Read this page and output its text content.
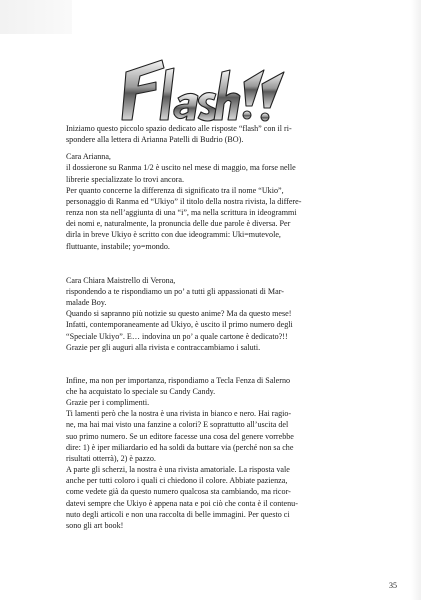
Iniziamo questo piccolo spazio dedicato alle risposte “flash” con il ri-

spondere alla lettera di Arianna Patelli di Budrio (BO).

Cara Arianna,

il dossierone su Ranma 1/2 è uscito nel mese di maggio, ma forse nelle

librerie specializzate lo trovi ancora.

Per quanto concerne la differenza di significato tra il nome “Ukio”,

personaggio di Ranma ed “Ukiyo” il titolo della nostra rivista, la differe-

renza non sta nell’aggiunta di una “i”, ma nella scrittura in ideogrammi

dei nomi e, naturalmente, la pronuncia delle due parole è diversa. Per

dirla in breve Ukiyo è scritto con due ideogrammi: Uki=mutevole,

fluttuante, instabile; yo=mondo.

Cara Chiara Maistrello di Verona,

rispondendo a te rispondiamo un po’ a tutti gli appassionati di Mar-

malade Boy.

Quando si sapranno più notizie su questo anime? Ma da questo mese!

Infatti, contemporaneamente ad Ukiyo, è uscito il primo numero degli

“Speciale Ukiyo”. E… indovina un po’ a quale cartone è dedicato?!!

Grazie per gli auguri alla rivista e contraccambiamo i saluti.

Infine, ma non per importanza, rispondiamo a Tecla Fenza di Salerno

che ha acquistato lo speciale su Candy Candy.

Grazie per i complimenti.

Ti lamenti però che la nostra è una rivista in bianco e nero. Hai ragio-

ne, ma hai mai visto una fanzine a colori? E soprattutto all’uscita del

suo primo numero. Se un editore facesse una cosa del genere vorrebbe

dire: 1) è iper miliardario ed ha soldi da buttare via (perché non sa che

risultati otterrà), 2) è pazzo.

A parte gli scherzi, la nostra è una rivista amatoriale. La risposta vale

anche per tutti coloro i quali ci chiedono il colore. Abbiate pazienza,

come vedete già da questo numero qualcosa sta cambiando, ma ricor-

datevi sempre che Ukiyo è appena nata e poi ciò che conta è il contenu-

nuto degli articoli e non una raccolta di belle immagini. Per questo ci

sono gli art book!

35
